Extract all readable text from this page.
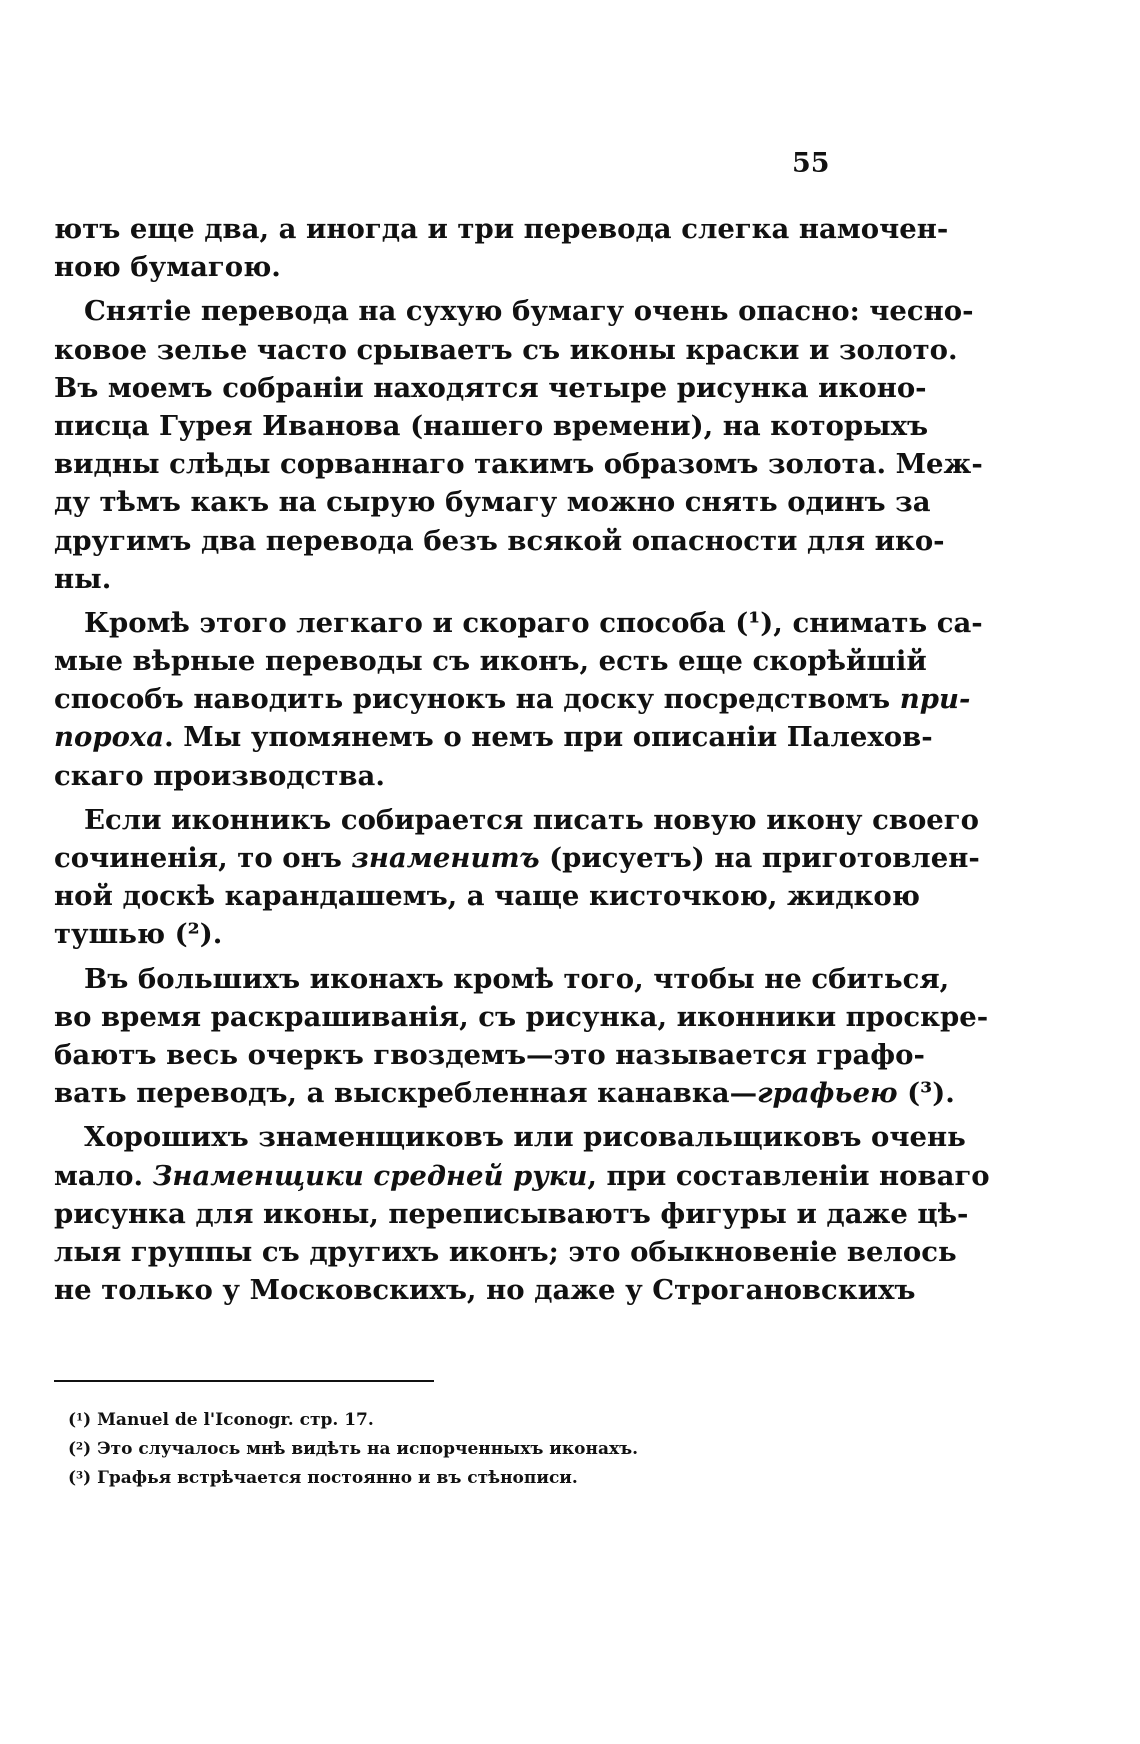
55
ютъ еще два, а иногда и три перевода слегка намочен-
ною бумагою.
Снятіе перевода на сухую бумагу очень опасно: чесно-
ковое зелье часто срываетъ съ иконы краски и золото.
Въ моемъ собраніи находятся четыре рисунка иконо-
писца Гурея Иванова (нашего времени), на которыхъ
видны слѣды сорваннаго такимъ образомъ золота. Меж-
ду тѣмъ какъ на сырую бумагу можно снять одинъ за
другимъ два перевода безъ всякой опасности для ико-
ны.
Кромѣ этого легкаго и скораго способа (¹), снимать са-
мые вѣрные переводы съ иконъ, есть еще скорѣйшій
способъ наводить рисунокъ на доску посредствомъ при-
пороха. Мы упомянемъ о немъ при описаніи Палехов-
скаго производства.
Если иконникъ собирается писать новую икону своего
сочиненія, то онъ знаменитъ (рисуетъ) на приготовлен-
ной доскѣ карандашемъ, а чаще кисточкою, жидкою
тушью (²).
Въ большихъ иконахъ кромѣ того, чтобы не сбиться,
во время раскрашиванія, съ рисунка, иконники проскре-
баютъ весь очеркъ гвоздемъ—это называется графо-
вать переводъ, а выскребленная канавка—графьею (³).
Хорошихъ знаменщиковъ или рисовальщиковъ очень
мало. Знаменщики средней руки, при составленіи новаго
рисунка для иконы, переписываютъ фигуры и даже цѣ-
лыя группы съ другихъ иконъ; это обыкновеніе велось
не только у Московскихъ, но даже у Строгановскихъ
($^1$) Manuel de l'Iconogr. стр. 17.
($^2$) Это случалось мнѣ видѣть на испорченныхъ иконахъ.
($^3$) Графья встрѣчается постоянно и въ стѣнописи.
